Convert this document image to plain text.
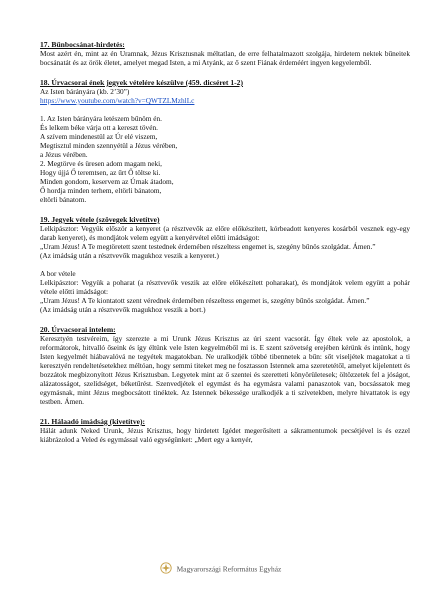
17. Bűnbocsánat-hirdetés:

Most azért én, mint az én Uramnak, Jézus Krisztusnak méltatlan, de erre felhatalmazott szolgája, hirdetem nektek bűneitek bocsánatát és az örök életet, amelyet megad Isten, a mi Atyánk, az ő szent Fiának érdeméért ingyen kegyelemből.

18. Úrvacsorai ének jegyek vételére készülve (459. dicséret 1-2)

Az Isten bárányára (kb. 2’30”)

https://www.youtube.com/watch?v=QWTZLMzhlLc

1. Az Isten bárányára letészem bűnöm én.

És lelkem béke várja ott a kereszt tövén.

A szívem mindenestül az Úr elé viszem,

Megtisztul minden szennyétül a Jézus vérében,

a Jézus vérében.

2. Megtörve és üresen adom magam neki,

Hogy újjá Ő teremtsen, az űrt Ő töltse ki.

Minden gondom, keservem az Úrnak átadom,

Ő hordja minden terhem, eltörli bánatom,

eltörli bánatom.

19. Jegyek vétele (szövegek kivetítve)

Lelkipásztor: Vegyük először a kenyeret (a résztvevők az előre előkészített, kórbeadott kenyeres kosárból vesznek egy-egy darab kenyeret), és mondjátok velem együtt a kenyérvétel előtti imádságot:

„Uram Jézus! A Te megtöretett szent testednek érdemében részeltess engemet is, szegény bűnös szolgádat. Ámen.”

(Az imádság után a résztvevők magukhoz veszik a kenyeret.)

A bor vétele

Lelkipásztor: Vegyük a poharat (a résztvevők veszik az előre előkészített poharakat), és mondjátok velem együtt a pohár vétele előtti imádságot:

„Uram Jézus! A Te kiontatott szent vérednek érdemében részeltess engemet is, szegény bűnös szolgádat. Ámen.”

(Az imádság után a résztvevők magukhoz veszik a bort.)

20. Úrvacsorai intelem:

Keresztyén testvéreim, így szerezte a mi Urunk Jézus Krisztus az úri szent vacsorát. Így éltek vele az apostolok, a reformátorok, hitvalló őseink és így éltünk vele Isten kegyelméből mi is. E szent szövetség erejében kérünk és intünk, hogy Isten kegyelmét hiábavalóvá ne tegyétek magatokban. Ne uralkodjék többé tibennetek a bűn: sőt viseljétek magatokat a ti keresztyén rendeltetésetekhez méltóan, hogy semmi titeket meg ne fosztasson Istennek ama szeretetétől, amelyet kijelentett és bozzátok megbizonyított Jézus Krisztusban. Legyetek mint az ő szentei és szeretteti könyörületesek; öltözzetek fel a jóságot, alázatosságot, szelídséget, béketűrést. Szenvedjétek el egymást és ha egymásra valami panaszotok van, bocsássatok meg egymásnak, mint Jézus megbocsátott tinéktek. Az Istennek békessége uralkodjék a ti szívetekben, melyre hivattatok is egy testben. Ámen.

21. Hálaadó imádság (kivetítve):

Hálát adunk Neked Urunk, Jézus Krisztus, hogy hirdetett Igédet megerősített a sákramentumok pecsétjével is és ezzel kiábrázolod a Veled és egymással való egységünket: „Mert egy a kenyér,

Magyarországi Református Egyház
